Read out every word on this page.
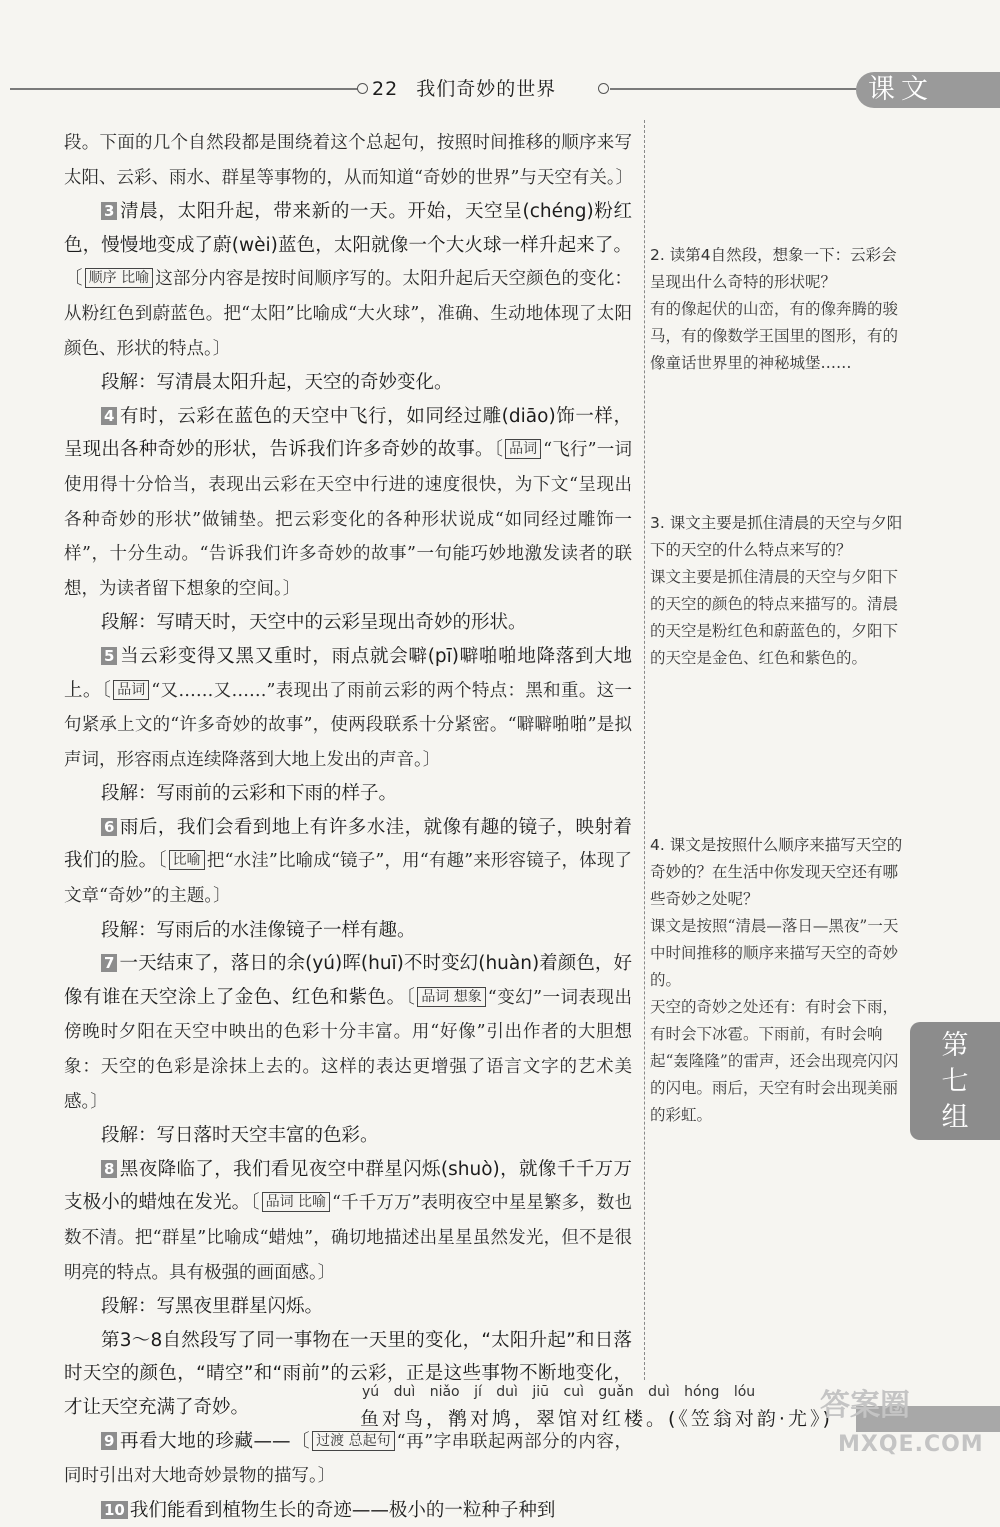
22 我们奇妙的世界	课文

段。下面的几个自然段都是围绕着这个总起句，按照时间推移的顺序来写太阳、云彩、雨水、群星等事物的，从而知道“奇妙的世界”与天空有关。〕

3 清晨，太阳升起，带来新的一天。开始，天空呈(chéng)粉红色，慢慢地变成了蔚(wèi)蓝色，太阳就像一个大火球一样升起来了。〔 顺序 比喻 这部分内容是按时间顺序写的。太阳升起后天空颜色的变化：从粉红色到蔚蓝色。把“太阳”比喻成“大火球”，准确、生动地体现了太阳颜色、形状的特点。〕

段解：写清晨太阳升起，天空的奇妙变化。

4 有时，云彩在蓝色的天空中飞行，如同经过雕(diāo)饰一样，呈现出各种奇妙的形状，告诉我们许多奇妙的故事。〔 品词 “飞行”一词使用得十分恰当，表现出云彩在天空中行进的速度很快，为下文“呈现出各种奇妙的形状”做铺垫。把云彩变化的各种形状说成“如同经过雕饰一样”，十分生动。“告诉我们许多奇妙的故事”一句能巧妙地激发读者的联想，为读者留下想象的空间。〕

段解：写晴天时，天空中的云彩呈现出奇妙的形状。

5 当云彩变得又黑又重时，雨点就会噼(pī)噼啪啪地降落到大地上。〔 品词 “又……又……”表现出了雨前云彩的两个特点：黑和重。这一句紧承上文的“许多奇妙的故事”，使两段联系十分紧密。“噼噼啪啪”是拟声词，形容雨点连续降落到大地上发出的声音。〕

段解：写雨前的云彩和下雨的样子。

6 雨后，我们会看到地上有许多水洼，就像有趣的镜子，映射着我们的脸。〔 比喻 把“水洼”比喻成“镜子”，用“有趣”来形容镜子，体现了文章“奇妙”的主题。〕

段解：写雨后的水洼像镜子一样有趣。

7 一天结束了，落日的余(yú)晖(huī)不时变幻(huàn)着颜色，好像有谁在天空涂上了金色、红色和紫色。〔 品词 想象 “变幻”一词表现出傍晚时夕阳在天空中映出的色彩十分丰富。用“好像”引出作者的大胆想象：天空的色彩是涂抹上去的。这样的表达更增强了语言文字的艺术美感。〕

段解：写日落时天空丰富的色彩。

8 黑夜降临了，我们看见夜空中群星闪烁(shuò)，就像千千万万支极小的蜡烛在发光。〔 品词 比喻 “千千万万”表明夜空中星星繁多，数也数不清。把“群星”比喻成“蜡烛”，确切地描述出星星虽然发光，但不是很明亮的特点。具有极强的画面感。〕

段解：写黑夜里群星闪烁。

第3～8自然段写了同一事物在一天里的变化，“太阳升起”和日落时天空的颜色，“晴空”和“雨前”的云彩，正是这些事物不断地变化，才让天空充满了奇妙。

9 再看大地的珍藏——〔 过渡 总起句 “再”字串联起两部分的内容，同时引出对大地奇妙景物的描写。〕

10 我们能看到植物生长的奇迹——极小的一粒种子种到

2. 读第4自然段，想象一下：云彩会呈现出什么奇特的形状呢？

有的像起伏的山峦，有的像奔腾的骏马，有的像数学王国里的图形，有的像童话世界里的神秘城堡……

3. 课文主要是抓住清晨的天空与夕阳下的天空的什么特点来写的？

课文主要是抓住清晨的天空与夕阳下的天空的颜色的特点来描写的。清晨的天空是粉红色和蔚蓝色的，夕阳下的天空是金色、红色和紫色的。

4. 课文是按照什么顺序来描写天空的奇妙的？在生活中你发现天空还有哪些奇妙之处呢？

课文是按照“清晨—落日—黑夜”一天中时间推移的顺序来描写天空的奇妙的。

天空的奇妙之处还有：有时会下雨，有时会下冰雹。下雨前，有时会响起“轰隆隆”的雷声，还会出现亮闪闪的闪电。雨后，天空有时会出现美丽的彩虹。

第
七
组
yú duì niǎo jí duì jiū cuì guǎn duì hóng lóu
鱼对鸟，鹡对鸠，翠馆对红楼。(《笠翁对韵·尤》)
答案圈
MXQE.COM
